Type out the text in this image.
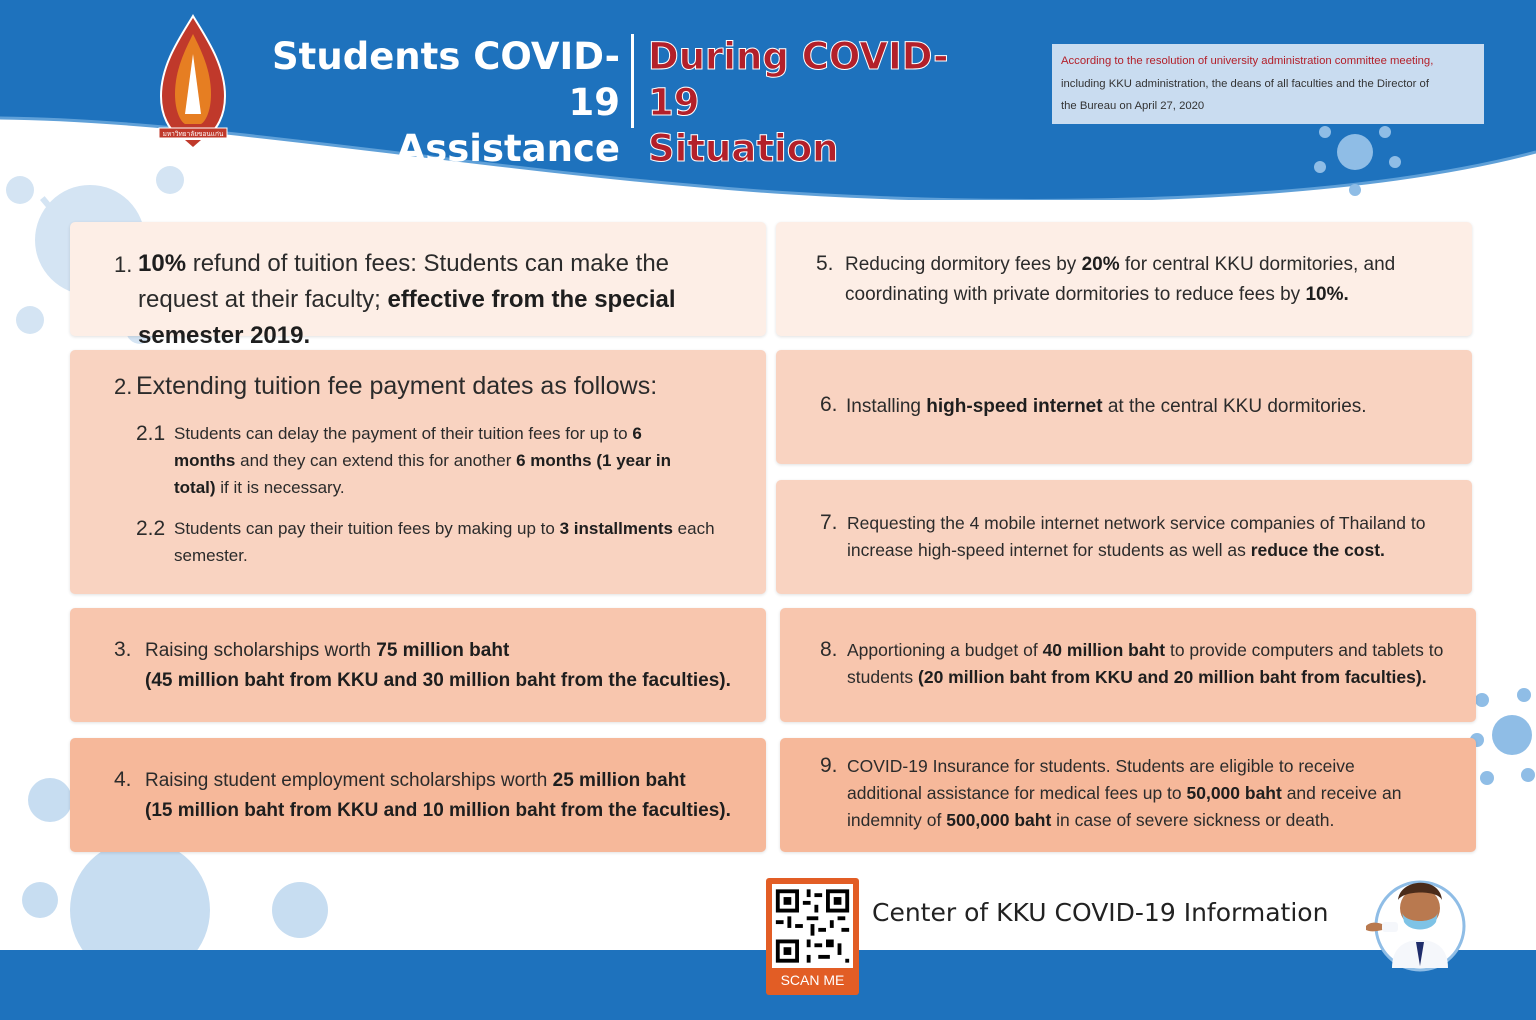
มหาวิทยาลัยขอนแก่น
Students COVID-19
Assistance Measures
During COVID-19
Situation
According to the resolution of university administration committee meeting,
including KKU administration, the deans of all faculties and the Director of
the Bureau on April 27, 2020
1. 10% refund of tuition fees: Students can make the request at their faculty; effective from the special semester 2019.
2. Extending tuition fee payment dates as follows:
2.1 Students can delay the payment of their tuition fees for up to 6 months and they can extend this for another 6 months (1 year in total) if it is necessary.
2.2 Students can pay their tuition fees by making up to 3 installments each semester.
3. Raising scholarships worth 75 million baht
(45 million baht from KKU and 30 million baht from the faculties).
4. Raising student employment scholarships worth 25 million baht
(15 million baht from KKU and 10 million baht from the faculties).
5. Reducing dormitory fees by 20% for central KKU dormitories, and coordinating with private dormitories to reduce fees by 10%.
6. Installing high-speed internet at the central KKU dormitories.
7. Requesting the 4 mobile internet network service companies of Thailand to increase high-speed internet for students as well as reduce the cost.
8. Apportioning a budget of 40 million baht to provide computers and tablets to students (20 million baht from KKU and 20 million baht from faculties).
9. COVID-19 Insurance for students. Students are eligible to receive additional assistance for medical fees up to 50,000 baht and receive an indemnity of 500,000 baht in case of severe sickness or death.
SCAN ME
Center of KKU COVID-19 Information
